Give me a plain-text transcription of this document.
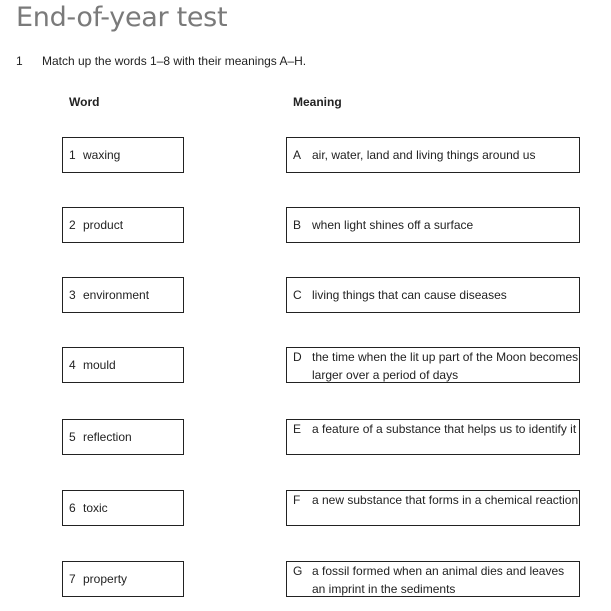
End-of-year test
1 Match up the words 1–8 with their meanings A–H.
Word	Meaning
1 waxing
2 product
3 environment
4 mould
5 reflection
6 toxic
7 property
A air, water, land and living things around us
B when light shines off a surface
C living things that can cause diseases
D the time when the lit up part of the Moon becomes larger over a period of days
E a feature of a substance that helps us to identify it
F a new substance that forms in a chemical reaction
G a fossil formed when an animal dies and leaves an imprint in the sediments
